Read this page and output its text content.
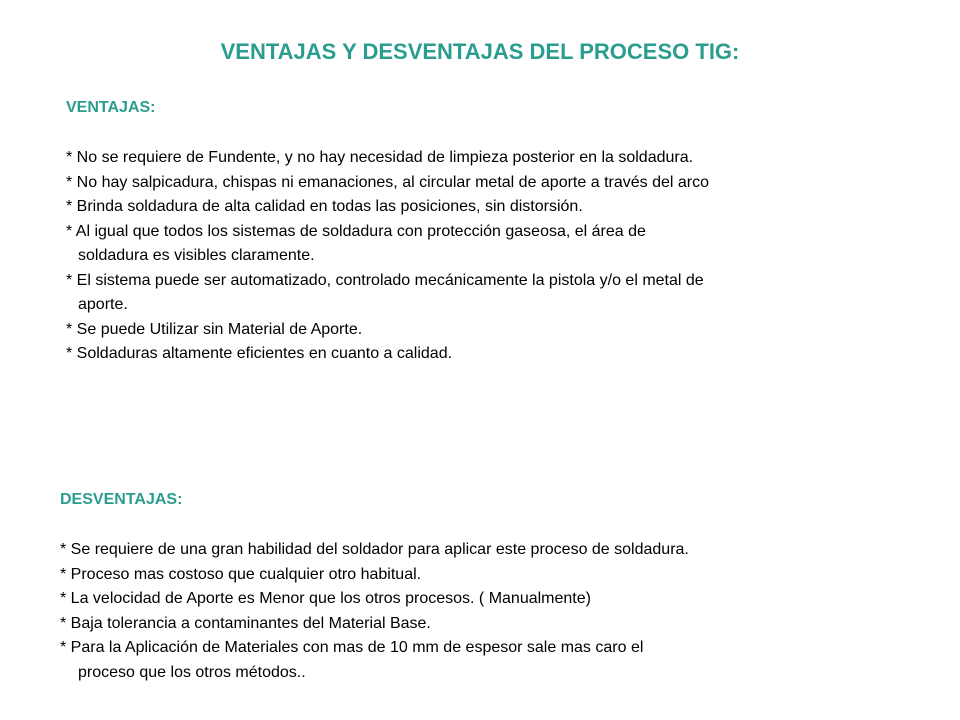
VENTAJAS Y DESVENTAJAS DEL PROCESO TIG:
VENTAJAS:
* No se requiere de Fundente, y no hay necesidad de limpieza posterior en la soldadura.
* No hay salpicadura, chispas ni emanaciones, al circular metal de aporte a través del arco
* Brinda soldadura de alta calidad en todas las posiciones, sin distorsión.
* Al igual que todos los sistemas de soldadura con protección gaseosa, el área de
soldadura es visibles claramente.
* El sistema puede ser automatizado, controlado mecánicamente la pistola y/o el metal de
aporte.
* Se puede Utilizar sin Material de Aporte.
* Soldaduras altamente eficientes en cuanto a calidad.
DESVENTAJAS:
* Se requiere de una gran habilidad del soldador para aplicar este proceso de soldadura.
* Proceso mas costoso que cualquier otro habitual.
* La velocidad de Aporte es Menor que los otros procesos. ( Manualmente)
* Baja tolerancia a contaminantes del Material Base.
* Para la Aplicación de Materiales con mas de 10 mm de espesor sale mas caro el
proceso que los otros métodos..
